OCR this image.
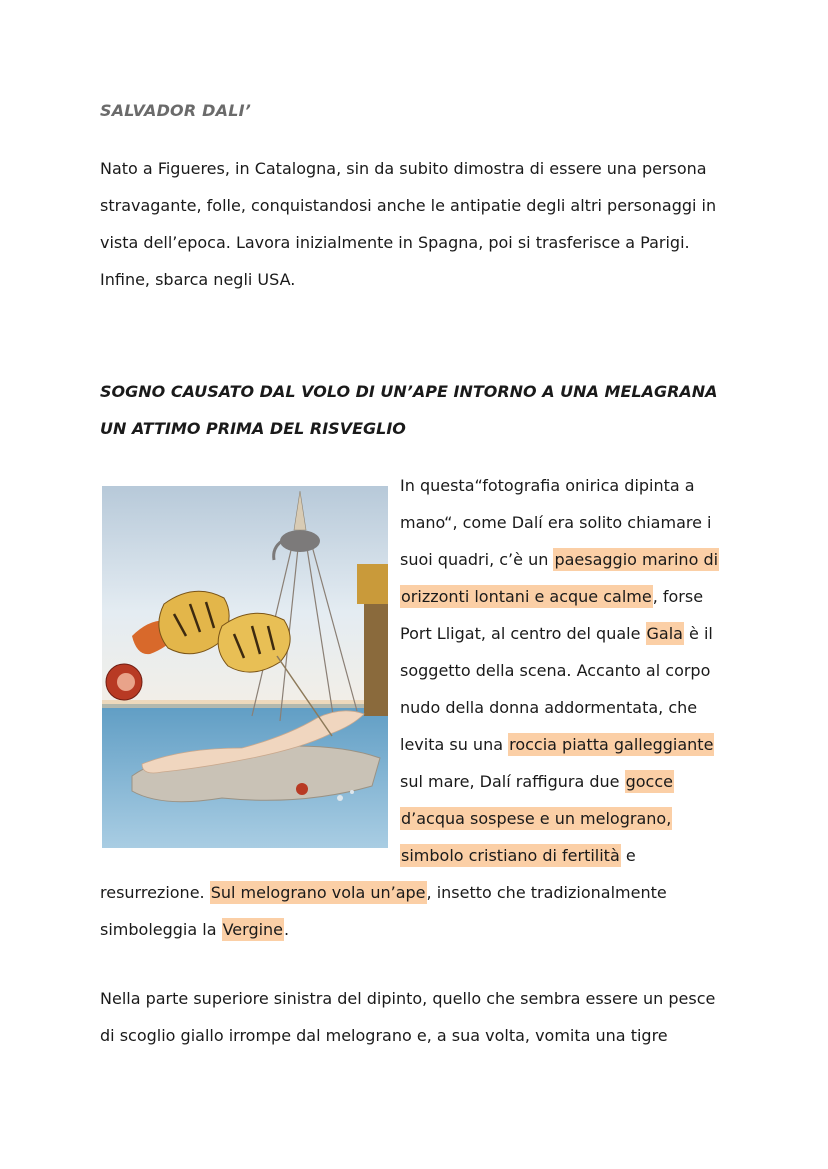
SALVADOR DALI’
Nato a Figueres, in Catalogna, sin da subito dimostra di essere una persona
stravagante, folle, conquistandosi anche le antipatie degli altri personaggi in
vista dell’epoca. Lavora inizialmente in Spagna, poi si trasferisce a Parigi.
Infine, sbarca negli USA.
SOGNO CAUSATO DAL VOLO DI UN’APE INTORNO A UNA MELAGRANA
UN ATTIMO PRIMA DEL RISVEGLIO
In questa“fotografia onirica dipinta a
mano“, come Dalí era solito chiamare i
suoi quadri, c’è un paesaggio marino di
orizzonti lontani e acque calme, forse
Port Lligat, al centro del quale Gala è il
soggetto della scena. Accanto al corpo
nudo della donna addormentata, che
levita su una roccia piatta galleggiante
sul mare, Dalí raffigura due gocce
d’acqua sospese e un melograno,
simbolo cristiano di fertilità e
resurrezione. Sul melograno vola un’ape, insetto che tradizionalmente
simboleggia la Vergine.
Nella parte superiore sinistra del dipinto, quello che sembra essere un pesce
di scoglio giallo irrompe dal melograno e, a sua volta, vomita una tigre
